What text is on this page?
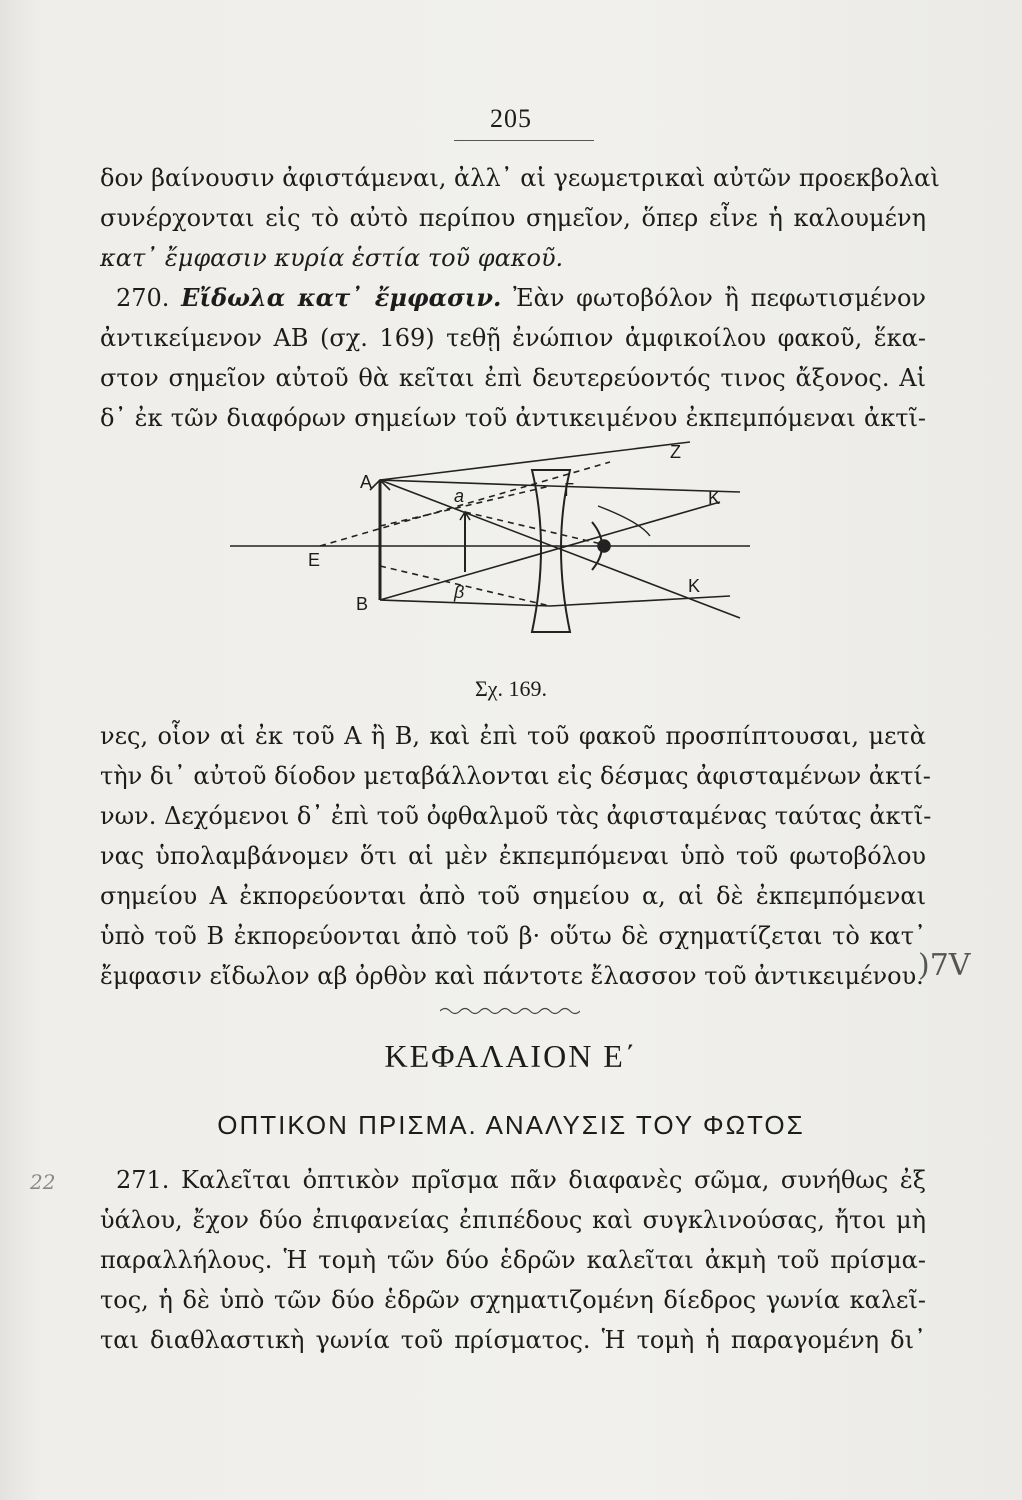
205
δον βαίνουσιν ἀφιστάμεναι, ἀλλ᾽ αἱ γεωμετρικαὶ αὐτῶν προεκβολαὶ
συνέρχονται εἰς τὸ αὐτὸ περίπου σημεῖον, ὅπερ εἶνε ἡ καλουμένη
κατ᾽ ἔμφασιν κυρία ἑστία τοῦ φακοῦ.
270. Εἴδωλα κατ᾽ ἔμφασιν. Ἐὰν φωτοβόλον ἢ πεφωτισμένον
ἀντικείμενον ΑΒ (σχ. 169) τεθῇ ἐνώπιον ἀμφικοίλου φακοῦ, ἕκα-
στον σημεῖον αὐτοῦ θὰ κεῖται ἐπὶ δευτερεύοντός τινος ἄξονος. Αἱ
δ᾽ ἐκ τῶν διαφόρων σημείων τοῦ ἀντικειμένου ἐκπεμπόμεναι ἀκτῖ-
A
B
a
β
E
Z
Γ	K
K
Σχ. 169.
νες, οἷον αἱ ἐκ τοῦ Α ἢ Β, καὶ ἐπὶ τοῦ φακοῦ προσπίπτουσαι, μετὰ
τὴν δι᾽ αὐτοῦ δίοδον μεταβάλλονται εἰς δέσμας ἀφισταμένων ἀκτί-
νων. Δεχόμενοι δ᾽ ἐπὶ τοῦ ὀφθαλμοῦ τὰς ἀφισταμένας ταύτας ἀκτῖ-
νας ὑπολαμβάνομεν ὅτι αἱ μὲν ἐκπεμπόμεναι ὑπὸ τοῦ φωτοβόλου
σημείου Α ἐκπορεύονται ἀπὸ τοῦ σημείου α, αἱ δὲ ἐκπεμπόμεναι
ὑπὸ τοῦ Β ἐκπορεύονται ἀπὸ τοῦ β· οὕτω δὲ σχηματίζεται τὸ κατ᾽
ἔμφασιν εἴδωλον αβ ὀρθὸν καὶ πάντοτε ἔλασσον τοῦ ἀντικειμένου.
)7V
ΚΕΦΑΛΑΙΟΝ Ε΄
ΟΠΤΙΚΟΝ ΠΡΙΣΜΑ. ΑΝΑΛΥΣΙΣ ΤΟΥ ΦΩΤΟΣ
22	271. Καλεῖται ὀπτικὸν πρῖσμα πᾶν διαφανὲς σῶμα, συνήθως ἐξ
ὑάλου, ἔχον δύο ἐπιφανείας ἐπιπέδους καὶ συγκλινούσας, ἤτοι μὴ
παραλλήλους. Ἡ τομὴ τῶν δύο ἑδρῶν καλεῖται ἀκμὴ τοῦ πρίσμα-
τος, ἡ δὲ ὑπὸ τῶν δύο ἑδρῶν σχηματιζομένη δίεδρος γωνία καλεῖ-
ται διαθλαστικὴ γωνία τοῦ πρίσματος. Ἡ τομὴ ἡ παραγομένη δι᾽
